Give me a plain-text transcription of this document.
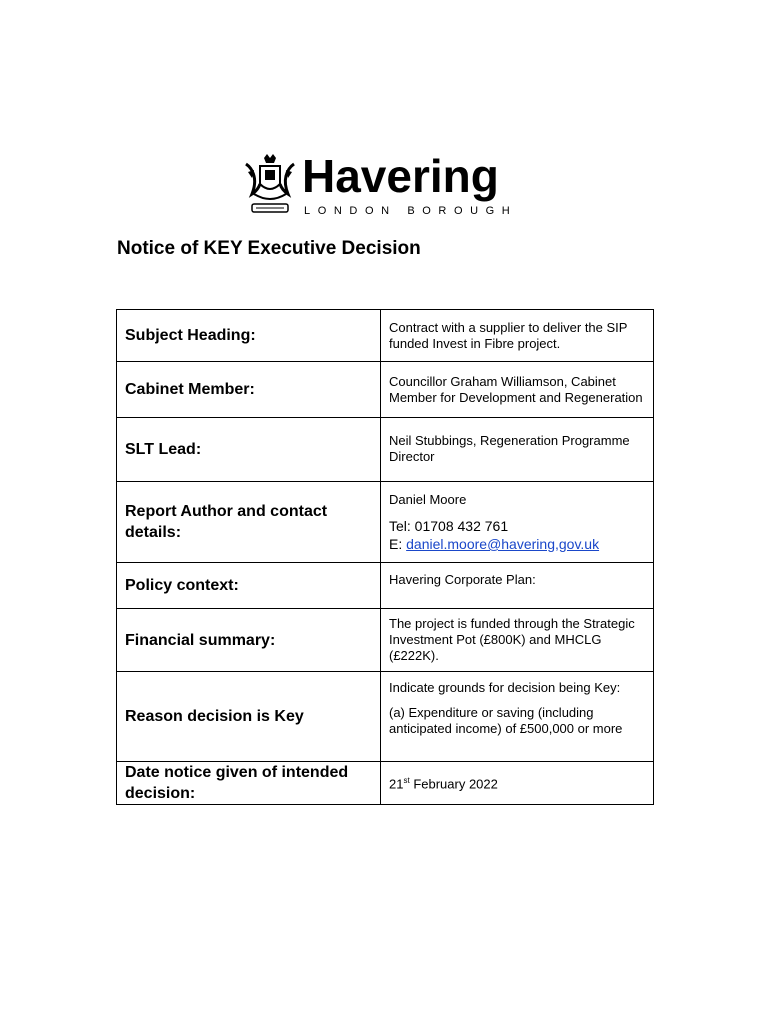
Havering
LONDON BOROUGH
Notice of KEY Executive Decision
Subject Heading:	Contract with a supplier to deliver the SIP funded Invest in Fibre project.

Cabinet Member:	Councillor Graham Williamson, Cabinet Member for Development and Regeneration

SLT Lead:	Neil Stubbings, Regeneration Programme Director

Report Author and contact details:	Daniel Moore

Tel: 01708 432 761

E: daniel.moore@havering,gov.uk

Policy context:	Havering Corporate Plan:

Financial summary:	The project is funded through the Strategic Investment Pot (£800K) and MHCLG (£222K).

Reason decision is Key	Indicate grounds for decision being Key:

(a) Expenditure or saving (including anticipated income) of £500,000 or more

Date notice given of intended decision:	21st February 2022
